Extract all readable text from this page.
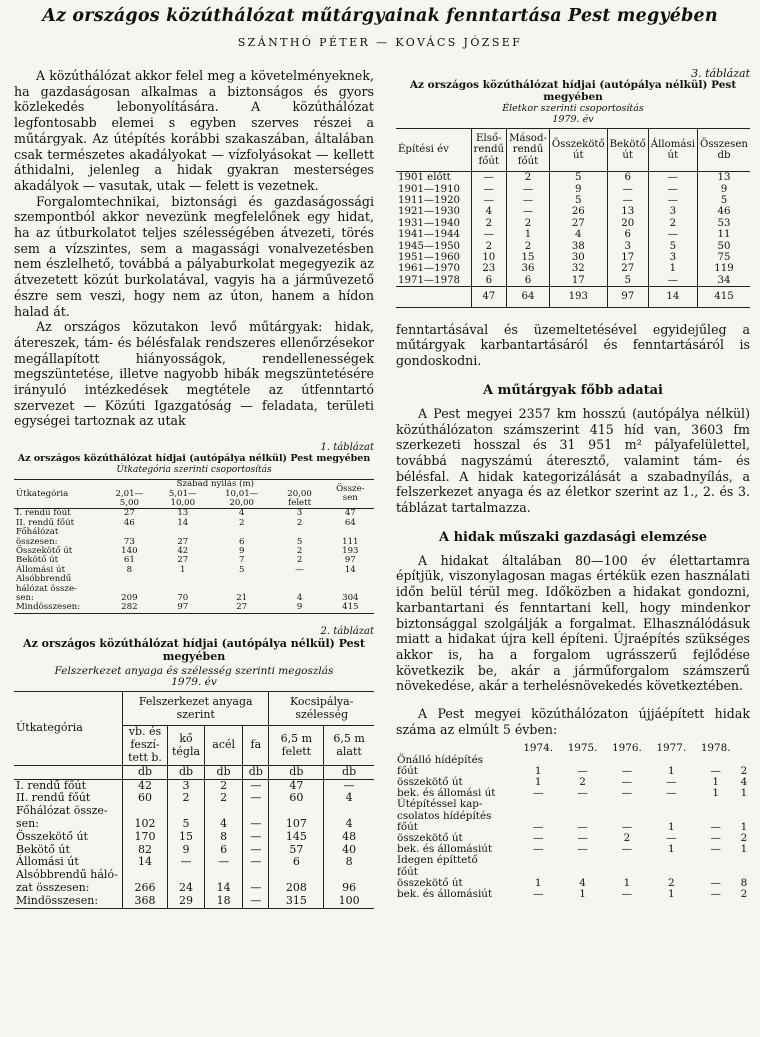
Az országos közúthálózat műtárgyainak fenntartása Pest megyében
SZÁNTHÓ PÉTER — KOVÁCS JÓZSEF

A közúthálózat akkor felel meg a követelményeknek, ha gazdaságosan alkalmas a biztonságos és gyors közlekedés lebonyolítására. A közúthálózat legfontosabb elemei s egyben szerves részei a műtárgyak. Az útépítés korábbi szakaszában, általában csak természetes akadályokat — vízfolyásokat — kellett áthidalni, jelenleg a hidak gyakran mesterséges akadályok — vasutak, utak — felett is vezetnek.

Forgalomtechnikai, biztonsági és gazdaságossági szempontból akkor nevezünk megfelelőnek egy hidat, ha az útburkolatot teljes szélességében átvezeti, törés sem a vízszintes, sem a magassági vonalvezetésben nem észlelhető, továbbá a pályaburkolat megegyezik az átvezetett közút burkolatával, vagyis ha a járművezető észre sem veszi, hogy nem az úton, hanem a hídon halad át.

Az országos közutakon levő műtárgyak: hidak, átereszek, tám- és bélésfalak rendszeres ellenőrzésekor megállapított hiányosságok, rendellenességek megszüntetése, illetve nagyobb hibák megszüntetésére irányuló intézkedések megtétele az útfenntartó szervezet — Közúti Igazgatóság — feladata, területi egységei tartoznak az utak

1. táblázat
Az országos közúthálózat hídjai (autópálya nélkül) Pest megyében
Útkategória szerinti csoportosítás
Útkategória	Szabad nyílás (m)				Össze-sen
	2,01—5,00	5,01—10,00	10,01—20,00	20,00 felett	
I. rendű főút	27	13	4	3	47
II. rendű főút	46	14	2	2	64
Főhálózat					
összesen:	73	27	6	5	111
Összekötő út	140	42	9	2	193
Bekötő út	61	27	7	2	97
Állomási út	8	1	5	—	14
Alsóbbrendű					
hálózat össze-					
sen:	209	70	21	4	304
Mindösszesen:	282	97	27	9	415
2. táblázat
Az országos közúthálózat hídjai (autópálya nélkül) Pest megyében
Felszerkezet anyaga és szélesség szerinti megoszlás
1979. év
Útkategória	Felszerkezet anyaga szerint				Kocsipálya-szélesség	
	vb. és feszí-tett b.	kő tégla	acél	fa	6,5 m felett	6,5 m alatt
	db	db	db	db	db	db
I. rendű főút	42	3	2	—	47	—
II. rendű főút	60	2	2	—	60	4
Főhálózat össze-						
sen:	102	5	4	—	107	4
Összekötő út	170	15	8	—	145	48
Bekötő út	82	9	6	—	57	40
Állomási út	14	—	—	—	6	8
Alsóbbrendű háló-						
zat összesen:	266	24	14	—	208	96
Mindösszesen:	368	29	18	—	315	100
3. táblázat
Az országos közúthálózat hídjai (autópálya nélkül) Pest megyében
Életkor szerinti csoportosítás
1979. év
Építési év	Első-rendű főút	Másod-rendű főút	Összekötő út	Bekötő út	Állomási út	Összesen db
1901 előtt	—	2	5	6	—	13
1901—1910	—	—	9	—	—	9
1911—1920	—	—	5	—	—	5
1921—1930	4	—	26	13	3	46
1931—1940	2	2	27	20	2	53
1941—1944	—	1	4	6	—	11
1945—1950	2	2	38	3	5	50
1951—1960	10	15	30	17	3	75
1961—1970	23	36	32	27	1	119
1971—1978	6	6	17	5	—	34
	47	64	193	97	14	415

fenntartásával és üzemeltetésével egyidejűleg a műtárgyak karbantartásáról és fenntartásáról is gondoskodni.

A műtárgyak főbb adatai

A Pest megyei 2357 km hosszú (autópálya nélkül) közúthálózaton számszerint 415 híd van, 3603 fm szerkezeti hosszal és 31 951 m² pályafelülettel, továbbá nagyszámú áteresztő, valamint tám- és bélésfal. A hidak kategorizálását a szabadnyílás, a felszerkezet anyaga és az életkor szerint az 1., 2. és 3. táblázat tartalmazza.

A hidak műszaki gazdasági elemzése

A hidakat általában 80—100 év élettartamra építjük, viszonylagosan magas értékük ezen használati időn belül térül meg. Időközben a hidakat gondozni, karbantartani és fenntartani kell, hogy mindenkor biztonsággal szolgálják a forgalmat. Elhasználódásuk miatt a hidakat újra kell építeni. Újraépítés szükséges akkor is, ha a forgalom ugrásszerű fejlődése következik be, akár a járműforgalom számszerű növekedése, akár a terhelésnövekedés következtében.

A Pest megyei közúthálózaton újjáépített hidak száma az elmúlt 5 évben:

	1974.	1975.	1976.	1977.	1978.	
Önálló hídépítés						
főút	1	—	—	1	—	2
összekötő út	1	2	—	—	1	4
bek. és állomási út	—	—	—	—	1	1
Útépítéssel kap-						
csolatos hídépítés						
főút	—	—	—	1	—	1
összekötő út	—	—	2	—	—	2
bek. és állomásiút	—	—	—	1	—	1
Idegen építtető						
főút						
összekötő út	1	4	1	2	—	8
bek. és állomásiút	—	1	—	1	—	2
